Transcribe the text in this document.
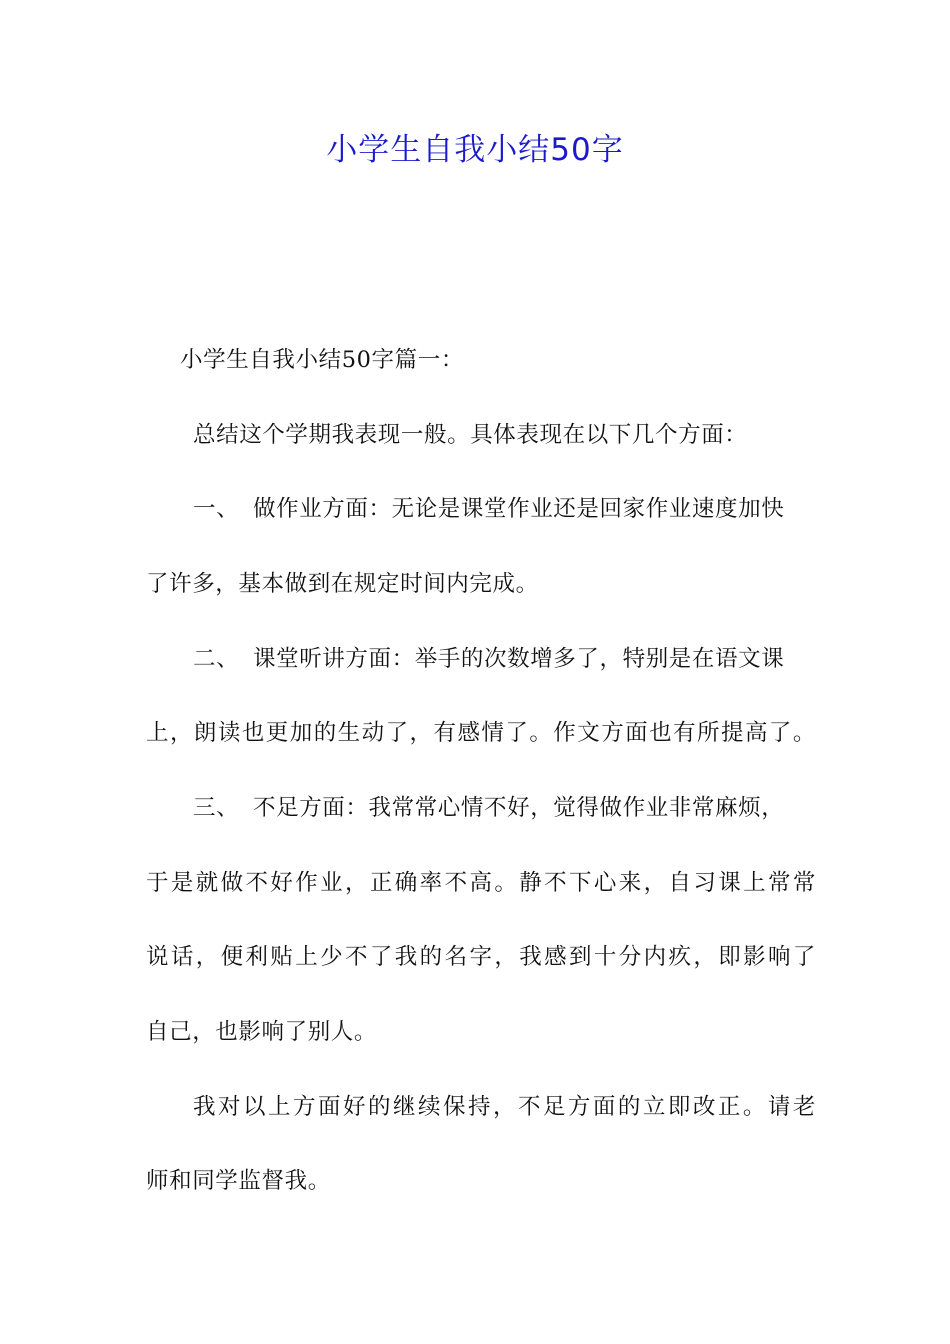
小学生自我小结50字
小学生自我小结50字篇一：
总结这个学期我表现一般。具体表现在以下几个方面：
一、 做作业方面：无论是课堂作业还是回家作业速度加快
了许多，基本做到在规定时间内完成。
二、 课堂听讲方面：举手的次数增多了，特别是在语文课
上，朗读也更加的生动了，有感情了。作文方面也有所提高了。
三、 不足方面：我常常心情不好，觉得做作业非常麻烦，
于是就做不好作业，正确率不高。静不下心来，自习课上常常
说话，便利贴上少不了我的名字，我感到十分内疚，即影响了
自己，也影响了别人。
我对以上方面好的继续保持，不足方面的立即改正。请老
师和同学监督我。
